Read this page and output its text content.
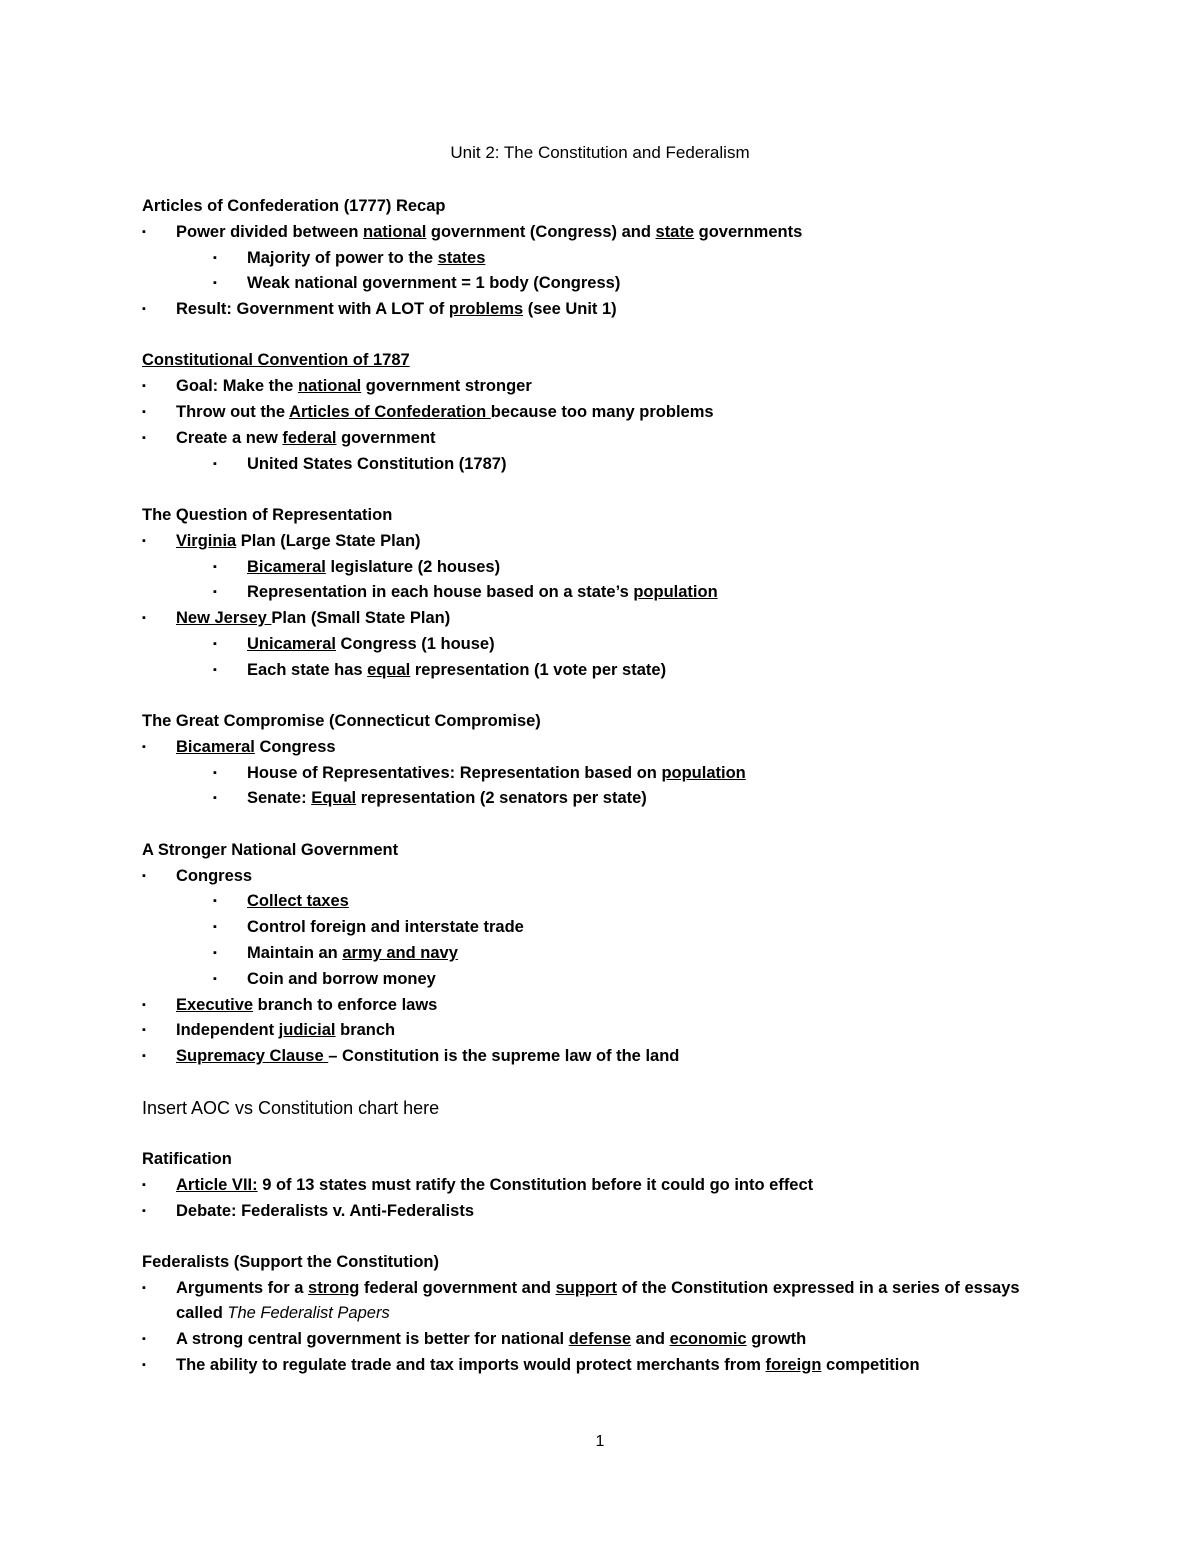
Unit 2: The Constitution and Federalism
Articles of Confederation (1777) Recap
▪ Power divided between national government (Congress) and state governments
▪ Majority of power to the states
▪ Weak national government = 1 body (Congress)
▪ Result: Government with A LOT of problems (see Unit 1)
Constitutional Convention of 1787
▪ Goal: Make the national government stronger
▪ Throw out the Articles of Confederation because too many problems
▪ Create a new federal government
▪ United States Constitution (1787)
The Question of Representation
▪ Virginia Plan (Large State Plan)
▪ Bicameral legislature (2 houses)
▪ Representation in each house based on a state’s population
▪ New Jersey Plan (Small State Plan)
▪ Unicameral Congress (1 house)
▪ Each state has equal representation (1 vote per state)
The Great Compromise (Connecticut Compromise)
▪ Bicameral Congress
▪ House of Representatives: Representation based on population
▪ Senate: Equal representation (2 senators per state)
A Stronger National Government
▪ Congress
▪ Collect taxes
▪ Control foreign and interstate trade
▪ Maintain an army and navy
▪ Coin and borrow money
▪ Executive branch to enforce laws
▪ Independent judicial branch
▪ Supremacy Clause – Constitution is the supreme law of the land
Insert AOC vs Constitution chart here
Ratification
▪ Article VII: 9 of 13 states must ratify the Constitution before it could go into effect
▪ Debate: Federalists v. Anti-Federalists
Federalists (Support the Constitution)
▪ Arguments for a strong federal government and support of the Constitution expressed in a series of essays
called The Federalist Papers
▪ A strong central government is better for national defense and economic growth
▪ The ability to regulate trade and tax imports would protect merchants from foreign competition
1
